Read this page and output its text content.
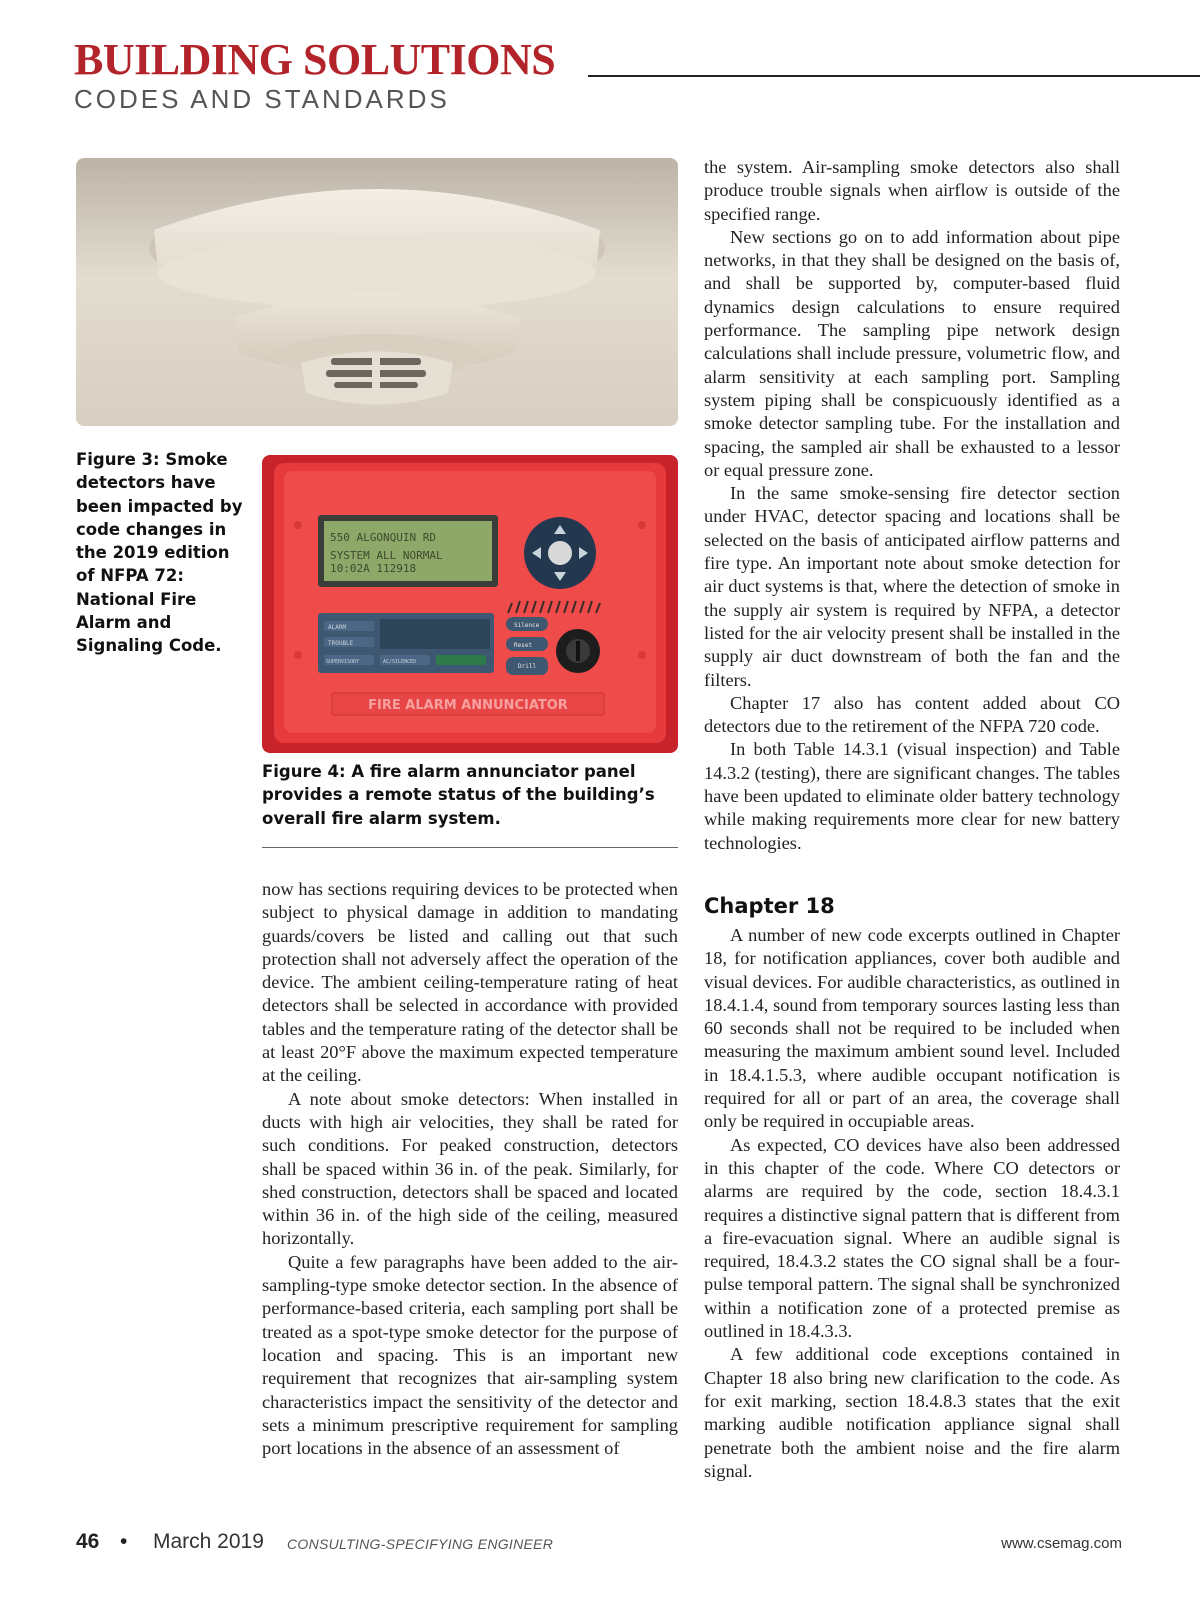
BUILDING SOLUTIONS
CODES AND STANDARDS
Figure 3: Smoke detectors have been impacted by code changes in the 2019 edition of NFPA 72: National Fire Alarm and Signaling Code.
550 ALGONQUIN RD
SYSTEM ALL NORMAL
10:02A 112918
ALARM
TROUBLE
SUPERVISORY	AC/SILENCED
Silence
Reset
Drill
FIRE ALARM ANNUNCIATOR
Figure 4: A fire alarm annunciator panel provides a remote status of the building’s overall fire alarm system.

now has sections requiring devices to be protected when subject to physical damage in addition to mandating guards/covers be listed and calling out that such protection shall not adversely affect the operation of the device. The ambient ceiling-temperature rating of heat detectors shall be selected in accordance with provided tables and the temperature rating of the detector shall be at least 20°F above the maximum expected temperature at the ceiling.

A note about smoke detectors: When installed in ducts with high air velocities, they shall be rated for such conditions. For peaked construction, detectors shall be spaced within 36 in. of the peak. Similarly, for shed construction, detectors shall be spaced and located within 36 in. of the high side of the ceiling, measured horizontally.

Quite a few paragraphs have been added to the air-sampling-type smoke detector section. In the absence of performance-based criteria, each sampling port shall be treated as a spot-type smoke detector for the purpose of location and spacing. This is an important new requirement that recognizes that air-sampling system characteristics impact the sensitivity of the detector and sets a minimum prescriptive requirement for sampling port locations in the absence of an assessment of

the system. Air-sampling smoke detectors also shall produce trouble signals when airflow is outside of the specified range.

New sections go on to add information about pipe networks, in that they shall be designed on the basis of, and shall be supported by, computer-based fluid dynamics design calculations to ensure required performance. The sampling pipe network design calculations shall include pressure, volumetric flow, and alarm sensitivity at each sampling port. Sampling system piping shall be conspicuously identified as a smoke detector sampling tube. For the installation and spacing, the sampled air shall be exhausted to a lessor or equal pressure zone.

In the same smoke-sensing fire detector section under HVAC, detector spacing and locations shall be selected on the basis of anticipated airflow patterns and fire type. An important note about smoke detection for air duct systems is that, where the detection of smoke in the supply air system is required by NFPA, a detector listed for the air velocity present shall be installed in the supply air duct downstream of both the fan and the filters.

Chapter 17 also has content added about CO detectors due to the retirement of the NFPA 720 code.

In both Table 14.3.1 (visual inspection) and Table 14.3.2 (testing), there are significant changes. The tables have been updated to eliminate older battery technology while making requirements more clear for new battery technologies.

Chapter 18

A number of new code excerpts outlined in Chapter 18, for notification appliances, cover both audible and visual devices. For audible characteristics, as outlined in 18.4.1.4, sound from temporary sources lasting less than 60 seconds shall not be required to be included when measuring the maximum ambient sound level. Included in 18.4.1.5.3, where audible occupant notification is required for all or part of an area, the coverage shall only be required in occupiable areas.

As expected, CO devices have also been addressed in this chapter of the code. Where CO detectors or alarms are required by the code, section 18.4.3.1 requires a distinctive signal pattern that is different from a fire-evacuation signal. Where an audible signal is required, 18.4.3.2 states the CO signal shall be a four-pulse temporal pattern. The signal shall be synchronized within a notification zone of a protected premise as outlined in 18.4.3.3.

A few additional code exceptions contained in Chapter 18 also bring new clarification to the code. As for exit marking, section 18.4.8.3 states that the exit marking audible notification appliance signal shall penetrate both the ambient noise and the fire alarm signal.

46 • March 2019 CONSULTING-SPECIFYING ENGINEER	www.csemag.com
